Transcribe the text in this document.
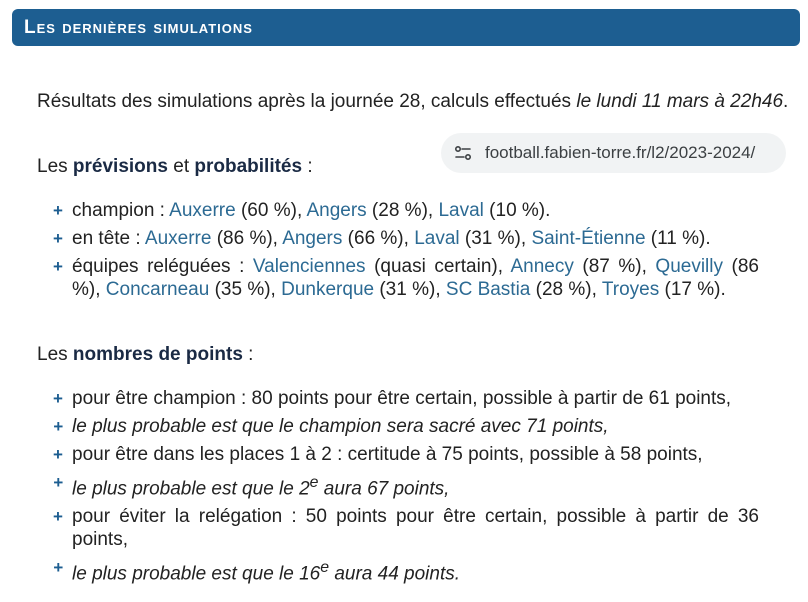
Les dernières simulations

Résultats des simulations après la journée 28, calculs effectués le lundi 11 mars à 22h46.

football.fabien-torre.fr/l2/2023-2024/
Les prévisions et probabilités :
+ champion : Auxerre (60 %), Angers (28 %), Laval (10 %).
+ en tête : Auxerre (86 %), Angers (66 %), Laval (31 %), Saint-Étienne (11 %).
+ équipes reléguées : Valenciennes (quasi certain), Annecy (87 %), Quevilly (86 %), Concarneau (35 %), Dunkerque (31 %), SC Bastia (28 %), Troyes (17 %).
Les nombres de points :
+ pour être champion : 80 points pour être certain, possible à partir de 61 points,
+ le plus probable est que le champion sera sacré avec 71 points,
+ pour être dans les places 1 à 2 : certitude à 75 points, possible à 58 points,
+ le plus probable est que le 2e aura 67 points,
+ pour éviter la relégation : 50 points pour être certain, possible à partir de 36 points,
+ le plus probable est que le 16e aura 44 points.
